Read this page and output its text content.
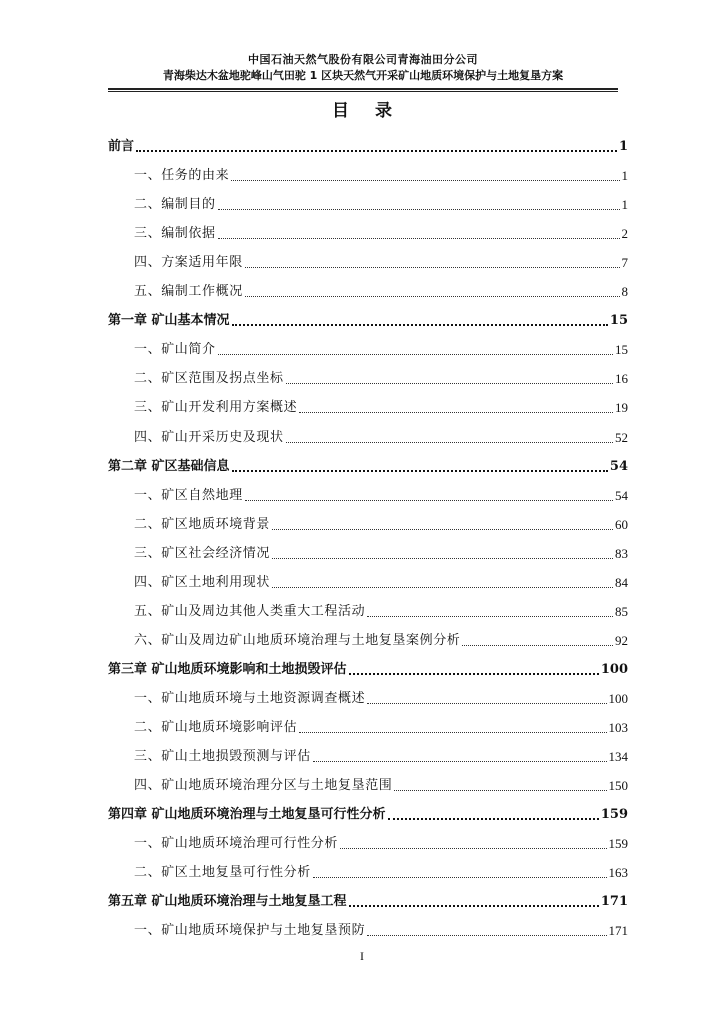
中国石油天然气股份有限公司青海油田分公司
青海柴达木盆地驼峰山气田驼 1 区块天然气开采矿山地质环境保护与土地复垦方案
目 录
前言	1
一、任务的由来	1
二、编制目的	1
三、编制依据	2
四、方案适用年限	7
五、编制工作概况	8
第一章 矿山基本情况	15
一、矿山简介	15
二、矿区范围及拐点坐标	16
三、矿山开发利用方案概述	19
四、矿山开采历史及现状	52
第二章 矿区基础信息	54
一、矿区自然地理	54
二、矿区地质环境背景	60
三、矿区社会经济情况	83
四、矿区土地利用现状	84
五、矿山及周边其他人类重大工程活动	85
六、矿山及周边矿山地质环境治理与土地复垦案例分析	92
第三章 矿山地质环境影响和土地损毁评估	100
一、矿山地质环境与土地资源调查概述	100
二、矿山地质环境影响评估	103
三、矿山土地损毁预测与评估	134
四、矿山地质环境治理分区与土地复垦范围	150
第四章 矿山地质环境治理与土地复垦可行性分析	159
一、矿山地质环境治理可行性分析	159
二、矿区土地复垦可行性分析	163
第五章 矿山地质环境治理与土地复垦工程	171
一、矿山地质环境保护与土地复垦预防	171
I
